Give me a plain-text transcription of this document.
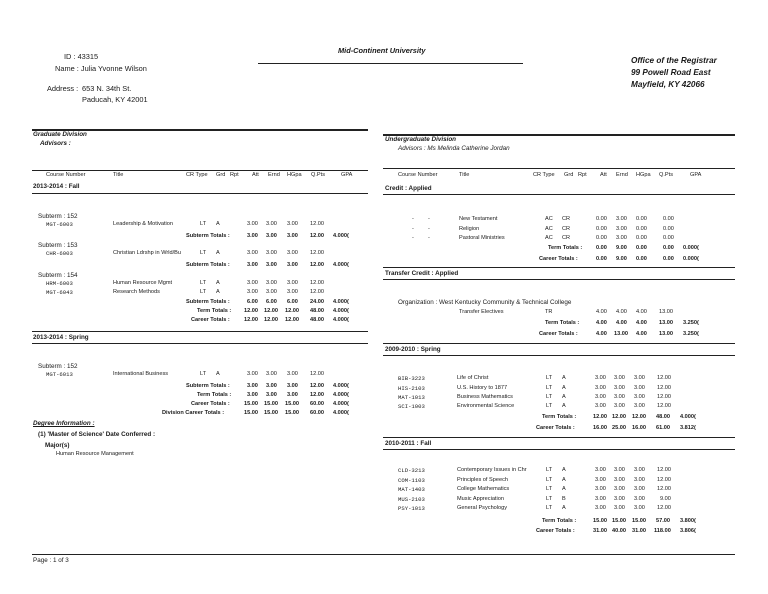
ID : 43315
Name : Julia Yvonne Wilson
Address : 653 N. 34th St.
Paducah, KY 42001
Mid-Continent University
Office of the Registrar
99 Powell Road East
Mayfield, KY 42066
Graduate Division
Advisors :
Course Number	Title	CR Type Grd Rpt Att Ernd HGpa Q.Pts	GPA
2013-2014 : Fall
Subterm : 152
MGT-6003	Leadership & Motivation	LT A	3.00 3.00 3.00 12.00
Subterm Totals :	3.00 3.00 3.00 12.00 4.000(
Subterm : 153
CHR-6003	Christian Ldrshp in Wrld/Bu	LT A	3.00 3.00 3.00 12.00
Subterm Totals :	3.00 3.00 3.00 12.00 4.000(
Subterm : 154
HRM-6003	Human Resource Mgmt	LT A	3.00 3.00 3.00 12.00
MGT-6043	Research Methods	LT A	3.00 3.00 3.00 12.00
Subterm Totals :	6.00 6.00 6.00 24.00 4.000(
Term Totals : 12.00 12.00 12.00 48.00 4.000(
Career Totals :	12.00 12.00 12.00 48.00 4.000(
2013-2014 : Spring
Subterm : 152
MGT-6013	International Business	LT A	3.00 3.00 3.00 12.00
Subterm Totals :	3.00 3.00 3.00 12.00 4.000(
Term Totals :	3.00 3.00 3.00 12.00 4.000(
Career Totals :	15.00 15.00 15.00 60.00 4.000(
Division Career Totals :	15.00 15.00 15.00 60.00 4.000(
Degree Information :
(1) 'Master of Science' Date Conferred :
Major(s)
Human Resource Management
Undergraduate Division
Advisors : Ms Melinda Catherine Jordan
Course Number	Title	CR Type Grd Rpt Att Ernd HGpa Q.Pts	GPA
Credit : Applied
-	-	New Testament	AC CR	0.00 3.00 0.00	0.00
-	-	Religion	AC CR	0.00 3.00 0.00	0.00
-	-	Pastoral Ministries	AC CR	0.00 3.00 0.00	0.00
Term Totals : 0.00 9.00 0.00	0.00 0.000(
Career Totals :	0.00 9.00 0.00	0.00 0.000(
Transfer Credit : Applied
Organization : West Kentucky Community & Technical College
Transfer Electives	TR	4.00 4.00 4.00 13.00
Term Totals :	4.00 4.00 4.00 13.00 3.250(
Career Totals :	4.00 13.00 4.00 13.00 3.250(
2009-2010 : Spring
BIB-3223	Life of Christ	LT A	3.00 3.00 3.00 12.00
HIS-2103	U.S. History to 1877	LT A	3.00 3.00 3.00 12.00
MAT-1013	Business Mathematics	LT A	3.00 3.00 3.00 12.00
SCI-1003	Environmental Science	LT A	3.00 3.00 3.00 12.00
Term Totals :	12.00 12.00 12.00 48.00 4.000(
Career Totals :	16.00 25.00 16.00 61.00 3.812(
2010-2011 : Fall
CLD-3213	Contemporary Issues in Chr	LT A	3.00 3.00 3.00 12.00
COM-1103	Principles of Speech	LT A	3.00 3.00 3.00 12.00
MAT-1403	College Mathematics	LT A	3.00 3.00 3.00 12.00
MUS-2103	Music Appreciation	LT B	3.00 3.00 3.00	9.00
PSY-1013	General Psychology	LT A	3.00 3.00 3.00 12.00
Term Totals :	15.00 15.00 15.00 57.00 3.800(
Career Totals :	31.00 40.00 31.00 118.00 3.806(
Page : 1 of 3
